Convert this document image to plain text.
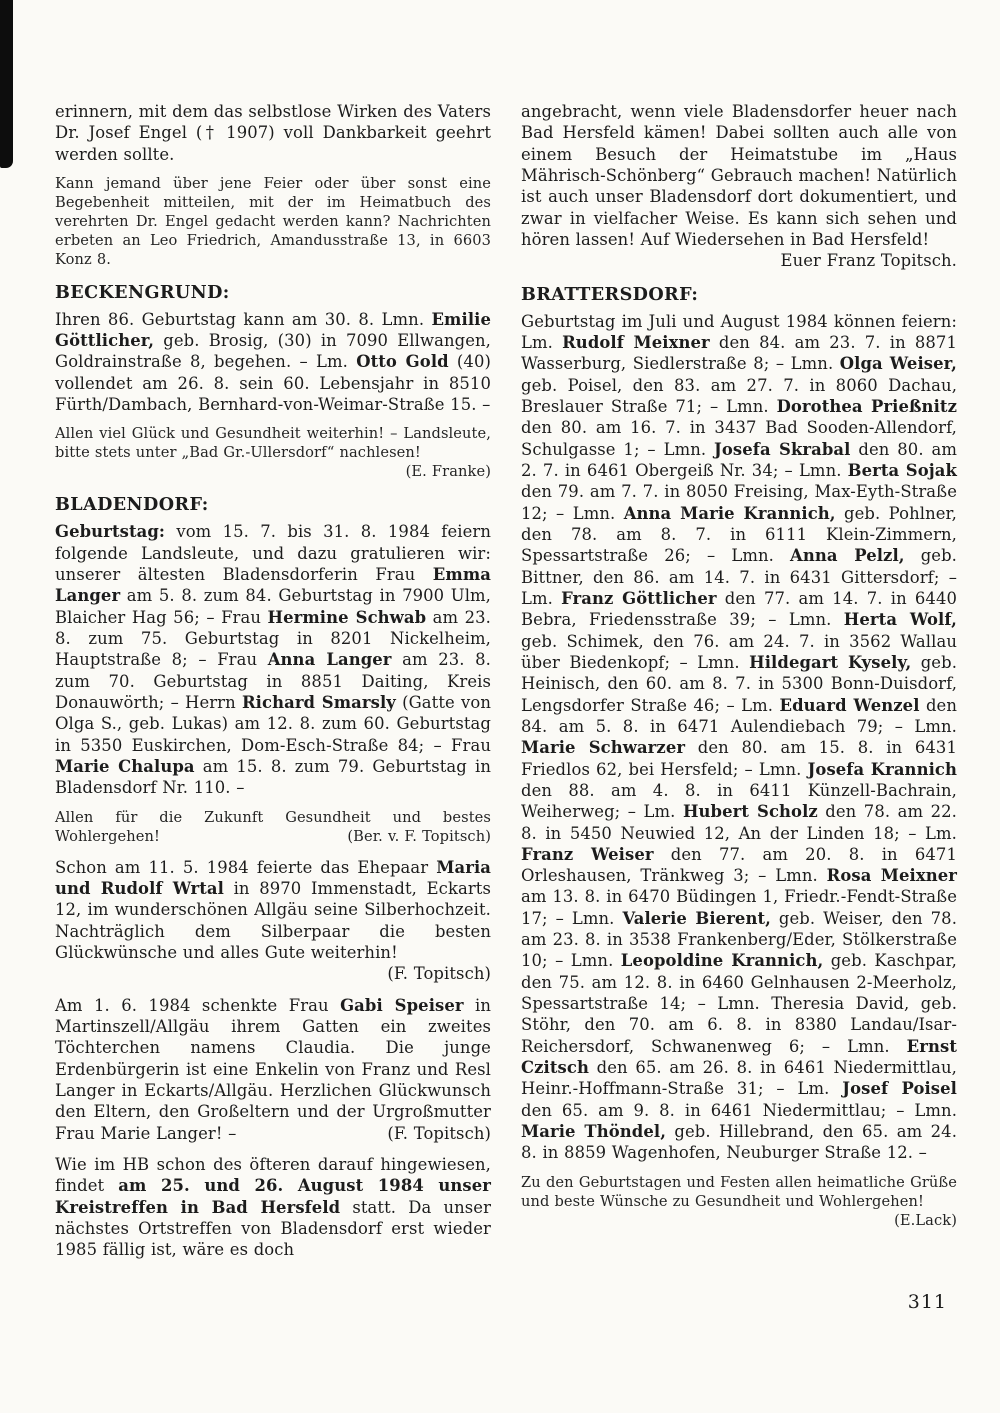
erinnern, mit dem das selbstlose Wirken des Vaters Dr. Josef Engel († 1907) voll Dankbarkeit geehrt werden sollte.

Kann jemand über jene Feier oder über sonst eine Begebenheit mitteilen, mit der im Heimatbuch des verehrten Dr. Engel gedacht werden kann? Nachrichten erbeten an Leo Friedrich, Amandusstraße 13, in 6603 Konz 8.

BECKENGRUND:

Ihren 86. Geburtstag kann am 30. 8. Lmn. Emilie Göttlicher, geb. Brosig, (30) in 7090 Ellwangen, Goldrainstraße 8, begehen. – Lm. Otto Gold (40) vollendet am 26. 8. sein 60. Lebensjahr in 8510 Fürth/Dambach, Bernhard-von-Weimar-Straße 15. –

Allen viel Glück und Gesundheit weiterhin! – Landsleute, bitte stets unter „Bad Gr.-Ullersdorf“ nachlesen!
(E. Franke)

BLADENDORF:

Geburtstag: vom 15. 7. bis 31. 8. 1984 feiern folgende Landsleute, und dazu gratulieren wir: unserer ältesten Bladensdorferin Frau Emma Langer am 5. 8. zum 84. Geburtstag in 7900 Ulm, Blaicher Hag 56; – Frau Hermine Schwab am 23. 8. zum 75. Geburtstag in 8201 Nickelheim, Hauptstraße 8; – Frau Anna Langer am 23. 8. zum 70. Geburtstag in 8851 Daiting, Kreis Donauwörth; – Herrn Richard Smarsly (Gatte von Olga S., geb. Lukas) am 12. 8. zum 60. Geburtstag in 5350 Euskirchen, Dom-Esch-Straße 84; – Frau Marie Chalupa am 15. 8. zum 79. Geburtstag in Bladensdorf Nr. 110. –

Allen für die Zukunft Gesundheit und bestes Wohlergehen!	(Ber. v. F. Topitsch)

Schon am 11. 5. 1984 feierte das Ehepaar Maria und Rudolf Wrtal in 8970 Immenstadt, Eckarts 12, im wunderschönen Allgäu seine Silberhochzeit. Nachträglich dem Silberpaar die besten Glückwünsche und alles Gute weiterhin!
(F. Topitsch)

Am 1. 6. 1984 schenkte Frau Gabi Speiser in Martinszell/Allgäu ihrem Gatten ein zweites Töchterchen namens Claudia. Die junge Erdenbürgerin ist eine Enkelin von Franz und Resl Langer in Eckarts/Allgäu. Herzlichen Glückwunsch den Eltern, den Großeltern und der Urgroßmutter Frau Marie Langer! –	(F. Topitsch)

Wie im HB schon des öfteren darauf hingewiesen, findet am 25. und 26. August 1984 unser Kreistreffen in Bad Hersfeld statt. Da unser nächstes Ortstreffen von Bladensdorf erst wieder 1985 fällig ist, wäre es doch

angebracht, wenn viele Bladensdorfer heuer nach Bad Hersfeld kämen! Dabei sollten auch alle von einem Besuch der Heimatstube im „Haus Mährisch-Schönberg“ Gebrauch machen! Natürlich ist auch unser Bladensdorf dort dokumentiert, und zwar in vielfacher Weise. Es kann sich sehen und hören lassen! Auf Wiedersehen in Bad Hersfeld!
Euer Franz Topitsch.

BRATTERSDORF:

Geburtstag im Juli und August 1984 können feiern: Lm. Rudolf Meixner den 84. am 23. 7. in 8871 Wasserburg, Siedlerstraße 8; – Lmn. Olga Weiser, geb. Poisel, den 83. am 27. 7. in 8060 Dachau, Breslauer Straße 71; – Lmn. Dorothea Prießnitz den 80. am 16. 7. in 3437 Bad Sooden-Allendorf, Schulgasse 1; – Lmn. Josefa Skrabal den 80. am 2. 7. in 6461 Obergeiß Nr. 34; – Lmn. Berta Sojak den 79. am 7. 7. in 8050 Freising, Max-Eyth-Straße 12; – Lmn. Anna Marie Krannich, geb. Pohlner, den 78. am 8. 7. in 6111 Klein-Zimmern, Spessartstraße 26; – Lmn. Anna Pelzl, geb. Bittner, den 86. am 14. 7. in 6431 Gittersdorf; – Lm. Franz Göttlicher den 77. am 14. 7. in 6440 Bebra, Friedensstraße 39; – Lmn. Herta Wolf, geb. Schimek, den 76. am 24. 7. in 3562 Wallau über Biedenkopf; – Lmn. Hildegart Kysely, geb. Heinisch, den 60. am 8. 7. in 5300 Bonn-Duisdorf, Lengsdorfer Straße 46; – Lm. Eduard Wenzel den 84. am 5. 8. in 6471 Aulendiebach 79; – Lmn. Marie Schwarzer den 80. am 15. 8. in 6431 Friedlos 62, bei Hersfeld; – Lmn. Josefa Krannich den 88. am 4. 8. in 6411 Künzell-Bachrain, Weiherweg; – Lm. Hubert Scholz den 78. am 22. 8. in 5450 Neuwied 12, An der Linden 18; – Lm. Franz Weiser den 77. am 20. 8. in 6471 Orleshausen, Tränkweg 3; – Lmn. Rosa Meixner am 13. 8. in 6470 Büdingen 1, Friedr.-Fendt-Straße 17; – Lmn. Valerie Bierent, geb. Weiser, den 78. am 23. 8. in 3538 Frankenberg/Eder, Stölkerstraße 10; – Lmn. Leopoldine Krannich, geb. Kaschpar, den 75. am 12. 8. in 6460 Gelnhausen 2-Meerholz, Spessartstraße 14; – Lmn. Theresia David, geb. Stöhr, den 70. am 6. 8. in 8380 Landau/Isar-Reichersdorf, Schwanenweg 6; – Lmn. Ernst Czitsch den 65. am 26. 8. in 6461 Niedermittlau, Heinr.-Hoffmann-Straße 31; – Lm. Josef Poisel den 65. am 9. 8. in 6461 Niedermittlau; – Lmn. Marie Thöndel, geb. Hillebrand, den 65. am 24. 8. in 8859 Wagenhofen, Neuburger Straße 12. –

Zu den Geburtstagen und Festen allen heimatliche Grüße und beste Wünsche zu Gesundheit und Wohlergehen!
(E.Lack)

311
